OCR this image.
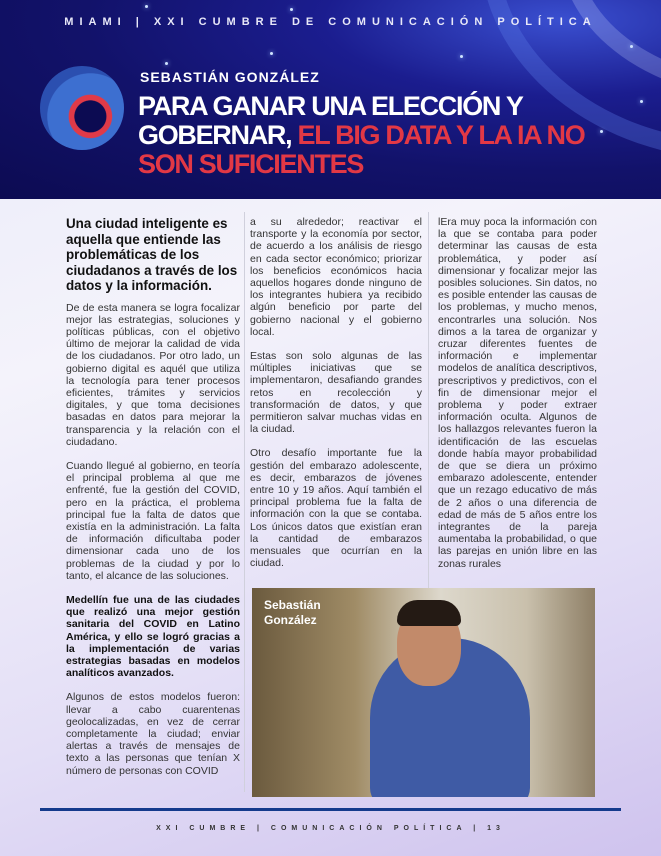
MIAMI | XXI CUMBRE DE COMUNICACIÓN POLÍTICA
SEBASTIÁN GONZÁLEZ
PARA GANAR UNA ELECCIÓN Y GOBERNAR, EL BIG DATA Y LA IA NO SON SUFICIENTES
Una ciudad inteligente es aquella que entiende las problemáticas de los ciudadanos a través de los datos y la información.

De de esta manera se logra focalizar mejor las estrategias, soluciones y políticas públicas, con el objetivo último de mejorar la calidad de vida de los ciudadanos. Por otro lado, un gobierno digital es aquél que utiliza la tecnología para tener procesos eficientes, trámites y servicios digitales, y que toma decisiones basadas en datos para mejorar la transparencia y la relación con el ciudadano.

Cuando llegué al gobierno, en teoría el principal problema al que me enfrenté, fue la gestión del COVID, pero en la práctica, el problema principal fue la falta de datos que existía en la administración. La falta de información dificultaba poder dimensionar cada uno de los problemas de la ciudad y por lo tanto, el alcance de las soluciones.

Medellín fue una de las ciudades que realizó una mejor gestión sanitaria del COVID en Latino América, y ello se logró gracias a la implementación de varias estrategias basadas en modelos analíticos avanzados.

Algunos de estos modelos fueron: llevar a cabo cuarentenas geolocalizadas, en vez de cerrar completamente la ciudad; enviar alertas a través de mensajes de texto a las personas que tenían X número de personas con COVID

a su alrededor; reactivar el transporte y la economía por sector, de acuerdo a los análisis de riesgo en cada sector económico; priorizar los beneficios económicos hacia aquellos hogares donde ninguno de los integrantes hubiera ya recibido algún beneficio por parte del gobierno nacional y el gobierno local.

Estas son solo algunas de las múltiples iniciativas que se implementaron, desafiando grandes retos en recolección y transformación de datos, y que permitieron salvar muchas vidas en la ciudad.

Otro desafío importante fue la gestión del embarazo adolescente, es decir, embarazos de jóvenes entre 10 y 19 años. Aquí también el principal problema fue la falta de información con la que se contaba. Los únicos datos que existían eran la cantidad de embarazos mensuales que ocurrían en la ciudad.

lEra muy poca la información con la que se contaba para poder determinar las causas de esta problemática, y poder así dimensionar y focalizar mejor las posibles soluciones. Sin datos, no es posible entender las causas de los problemas, y mucho menos, encontrarles una solución. Nos dimos a la tarea de organizar y cruzar diferentes fuentes de información e implementar modelos de analítica descriptivos, prescriptivos y predictivos, con el fin de dimensionar mejor el problema y poder extraer información oculta. Algunos de los hallazgos relevantes fueron la identificación de las escuelas donde había mayor probabilidad de que se diera un próximo embarazo adolescente, entender que un rezago educativo de más de 2 años o una diferencia de edad de más de 5 años entre los integrantes de la pareja aumentaba la probabilidad, o que las parejas en unión libre en las zonas rurales

Sebastián
González
XXI CUMBRE | COMUNICACIÓN POLÍTICA | 13
